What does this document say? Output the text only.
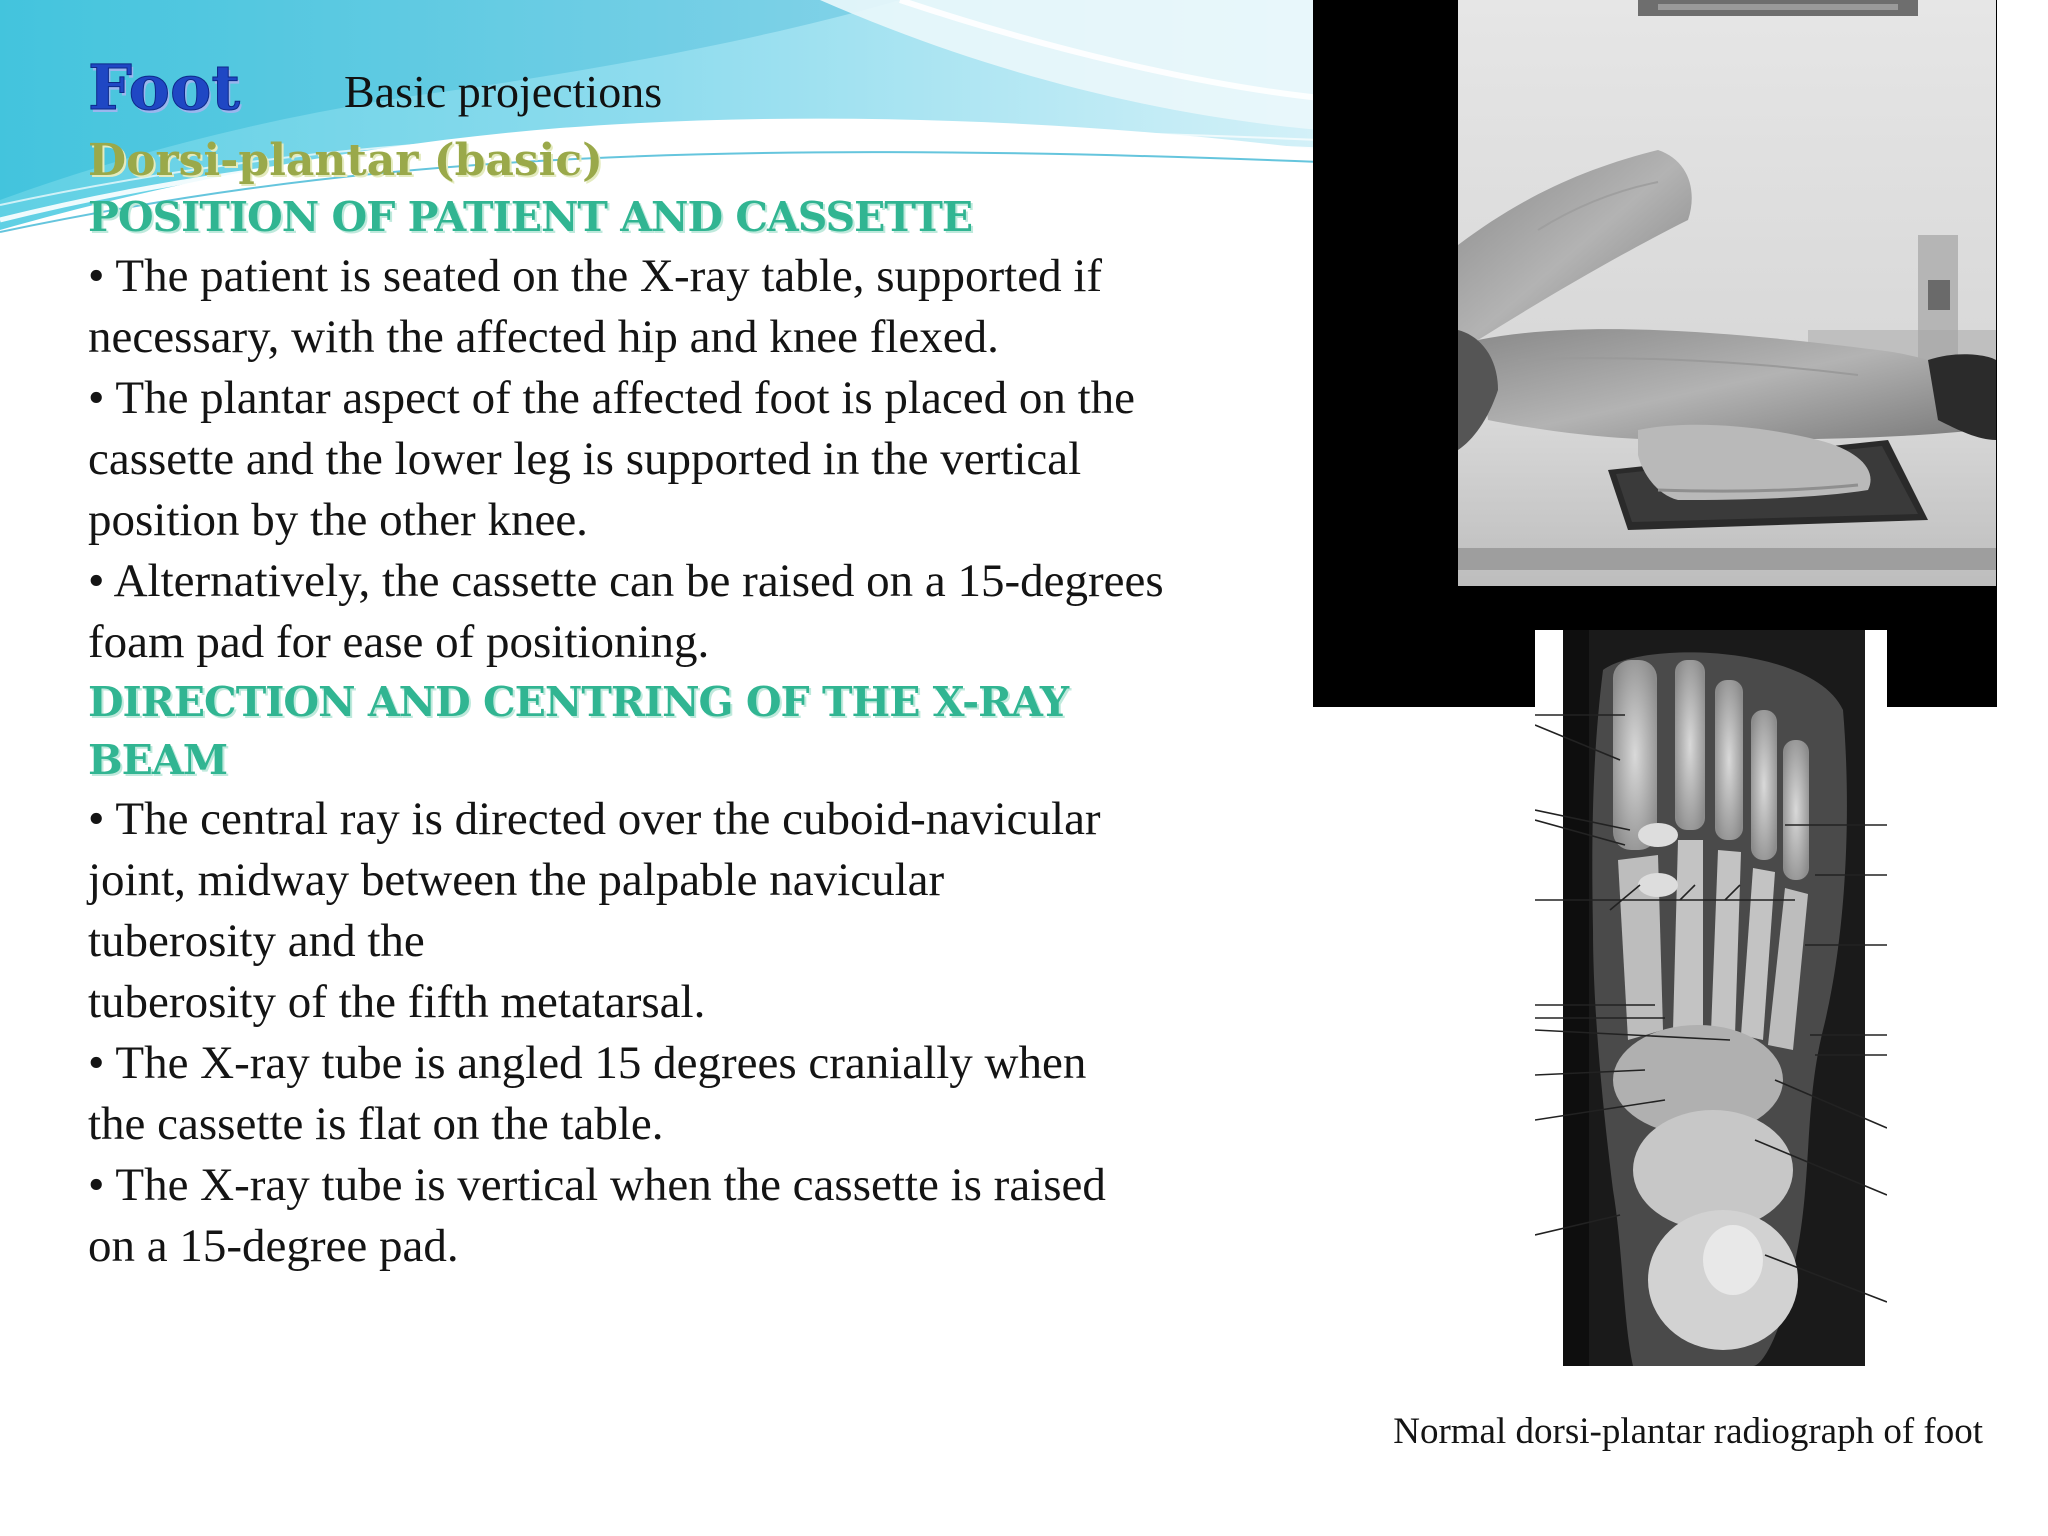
Foot Basic projections
Dorsi-plantar (basic)
POSITION OF PATIENT AND CASSETTE

• The patient is seated on the X-ray table, supported if necessary, with the affected hip and knee flexed.

• The plantar aspect of the affected foot is placed on the cassette and the lower leg is supported in the vertical position by the other knee.

• Alternatively, the cassette can be raised on a 15-degrees foam pad for ease of positioning.

DIRECTION AND CENTRING OF THE X-RAY
BEAM

• The central ray is directed over the cuboid-navicular joint, midway between the palpable navicular tuberosity and the

tuberosity of the fifth metatarsal.

• The X-ray tube is angled 15 degrees cranially when the cassette is flat on the table.

• The X-ray tube is vertical when the cassette is raised on a 15-degree pad.

Normal dorsi-plantar radiograph of foot
